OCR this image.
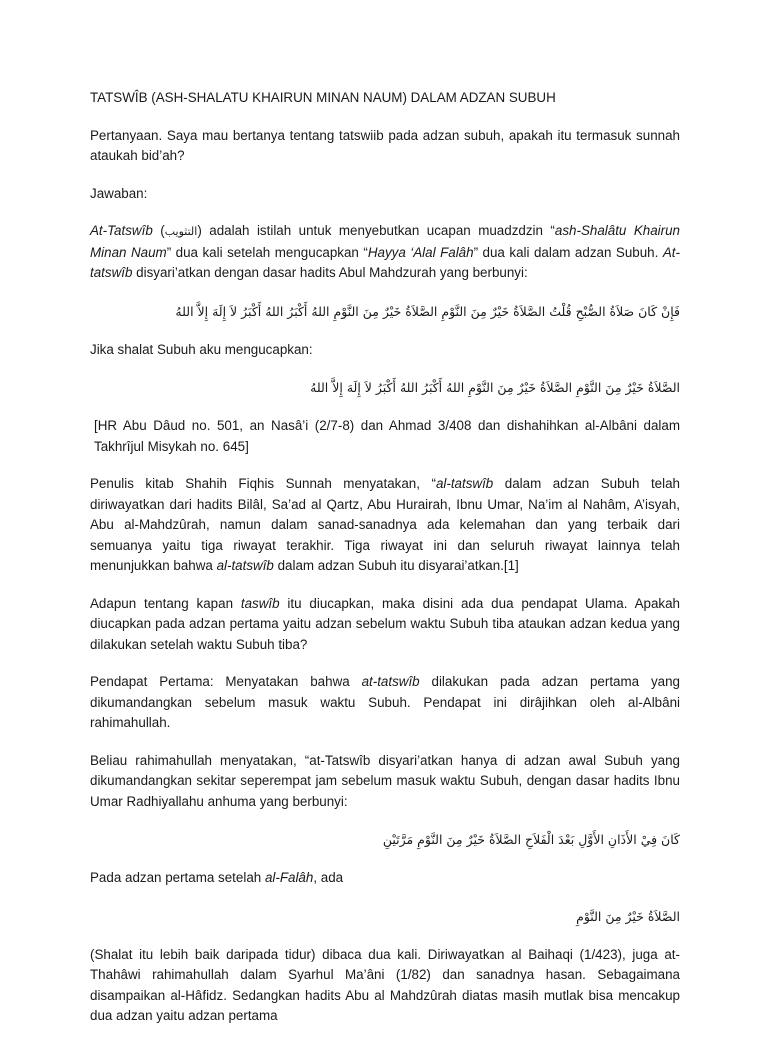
TATSWÎB (ASH-SHALATU KHAIRUN MINAN NAUM) DALAM ADZAN SUBUH

Pertanyaan. Saya mau bertanya tentang tatswiib pada adzan subuh, apakah itu termasuk sunnah ataukah bid’ah?

Jawaban:

At-Tatswîb (التثويب) adalah istilah untuk menyebutkan ucapan muadzdzin “ash-Shalâtu Khairun Minan Naum” dua kali setelah mengucapkan “Hayya ‘Alal Falâh” dua kali dalam adzan Subuh. At-tatswîb disyari’atkan dengan dasar hadits Abul Mahdzurah yang berbunyi:

فَإِنْ كَانَ صَلاَةُ الصُّبْحِ قُلْتُ الصَّلاَةُ خَيْرٌ مِنَ النَّوْمِ الصَّلاَةُ خَيْرٌ مِنَ النَّوْمِ اللهُ أَكْبَرُ اللهُ أَكْبَرُ لاَ إِلَهَ إِلاَّ اللهُ

Jika shalat Subuh aku mengucapkan:

الصَّلاَةُ خَيْرٌ مِنَ النَّوْمِ الصَّلاَةُ خَيْرٌ مِنَ النَّوْمِ اللهُ أَكْبَرُ اللهُ أَكْبَرُ لاَ إِلَهَ إِلاَّ اللهُ

[HR Abu Dâud no. 501, an Nasâ’i (2/7-8) dan Ahmad 3/408 dan dishahihkan al-Albâni dalam Takhrîjul Misykah no. 645]

Penulis kitab Shahih Fiqhis Sunnah menyatakan, “al-tatswîb dalam adzan Subuh telah diriwayatkan dari hadits Bilâl, Sa’ad al Qartz, Abu Hurairah, Ibnu Umar, Na’im al Nahâm, A’isyah, Abu al-Mahdzûrah, namun dalam sanad-sanadnya ada kelemahan dan yang terbaik dari semuanya yaitu tiga riwayat terakhir. Tiga riwayat ini dan seluruh riwayat lainnya telah menunjukkan bahwa al-tatswîb dalam adzan Subuh itu disyarai’atkan.[1]

Adapun tentang kapan taswîb itu diucapkan, maka disini ada dua pendapat Ulama. Apakah diucapkan pada adzan pertama yaitu adzan sebelum waktu Subuh tiba ataukan adzan kedua yang dilakukan setelah waktu Subuh tiba?

Pendapat Pertama: Menyatakan bahwa at-tatswîb dilakukan pada adzan pertama yang dikumandangkan sebelum masuk waktu Subuh. Pendapat ini dirâjihkan oleh al-Albâni rahimahullah.

Beliau rahimahullah menyatakan, “at-Tatswîb disyari’atkan hanya di adzan awal Subuh yang dikumandangkan sekitar seperempat jam sebelum masuk waktu Subuh, dengan dasar hadits Ibnu Umar Radhiyallahu anhuma yang berbunyi:

كَانَ فِيْ الأَذَانِ الأَوَّلِ بَعْدَ الْفَلاَحِ الصَّلاَةُ خَيْرٌ مِنَ النَّوْمِ مَرَّتَيْنِ

Pada adzan pertama setelah al-Falâh, ada

الصَّلاَةُ خَيْرٌ مِنَ النَّوْمِ

(Shalat itu lebih baik daripada tidur) dibaca dua kali. Diriwayatkan al Baihaqi (1/423), juga at-Thahâwi rahimahullah dalam Syarhul Ma’âni (1/82) dan sanadnya hasan. Sebagaimana disampaikan al-Hâfidz. Sedangkan hadits Abu al Mahdzûrah diatas masih mutlak bisa mencakup dua adzan yaitu adzan pertama
